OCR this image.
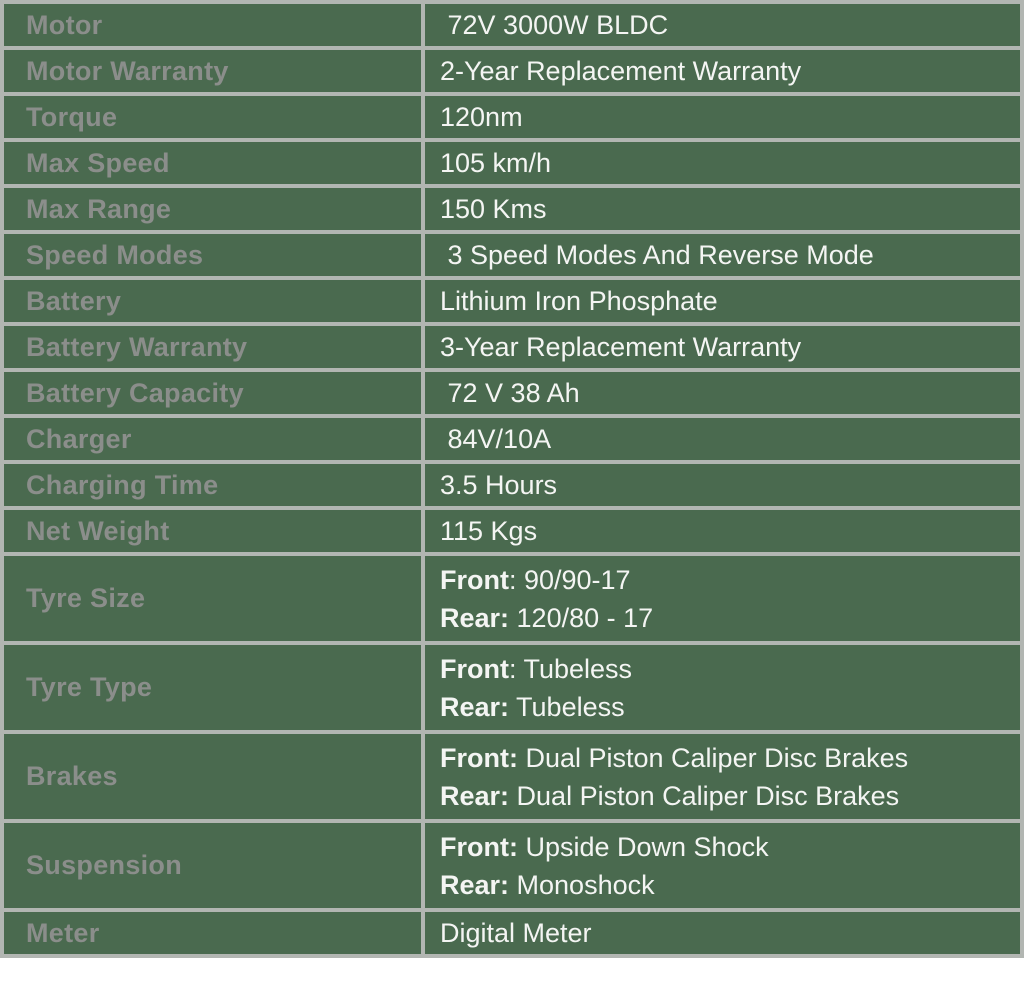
Motor	72V 3000W BLDC

Motor Warranty	2-Year Replacement Warranty

Torque	120nm

Max Speed	105 km/h

Max Range	150 Kms

Speed Modes	3 Speed Modes And Reverse Mode

Battery	Lithium Iron Phosphate

Battery Warranty	3-Year Replacement Warranty

Battery Capacity	72 V 38 Ah

Charger	84V/10A

Charging Time	3.5 Hours

Net Weight	115 Kgs

Tyre Size	Front: 90/90-17
Rear: 120/80 - 17

Tyre Type	Front: Tubeless
Rear: Tubeless

Brakes	Front: Dual Piston Caliper Disc Brakes
Rear: Dual Piston Caliper Disc Brakes

Suspension	Front: Upside Down Shock
Rear: Monoshock

Meter	Digital Meter
